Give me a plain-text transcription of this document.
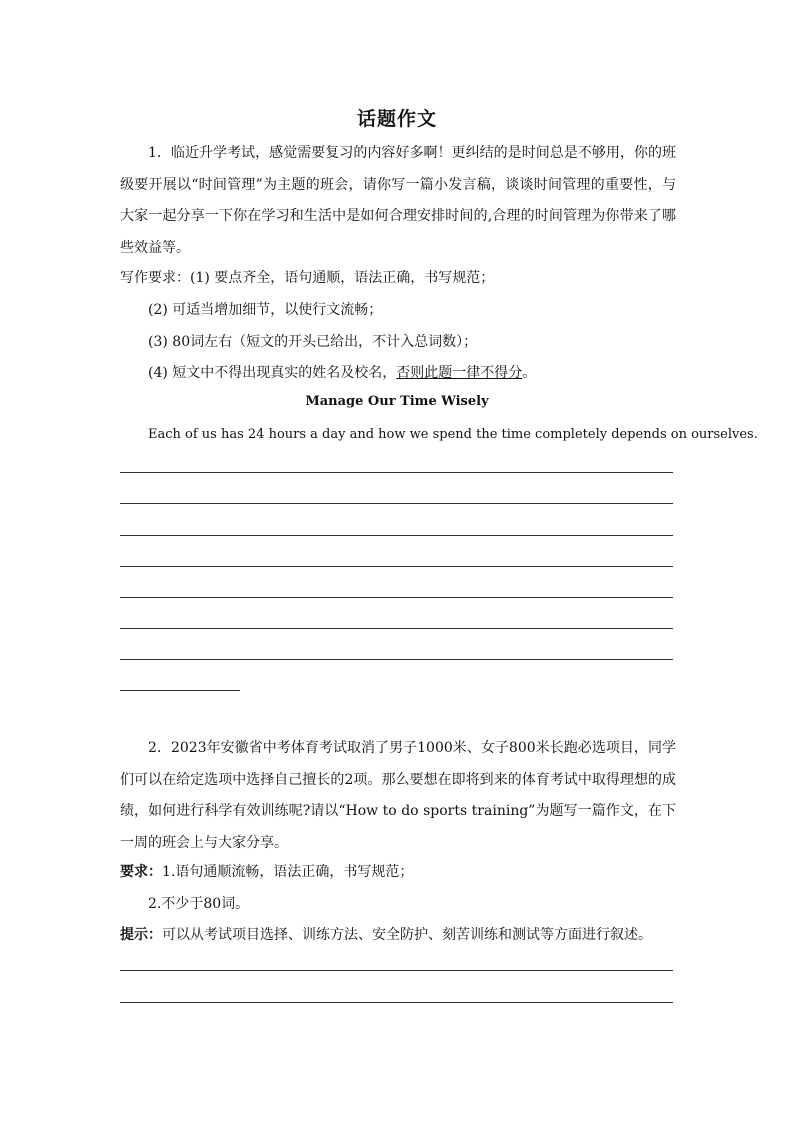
话题作文
1．临近升学考试，感觉需要复习的内容好多啊！更纠结的是时间总是不够用，你的班级要开展以“时间管理”为主题的班会，请你写一篇小发言稿，谈谈时间管理的重要性，与大家一起分享一下你在学习和生活中是如何合理安排时间的,合理的时间管理为你带来了哪些效益等。
写作要求：(1) 要点齐全，语句通顺，语法正确，书写规范；
(2) 可适当增加细节，以使行文流畅；
(3) 80词左右（短文的开头已给出，不计入总词数）；
(4) 短文中不得出现真实的姓名及校名，否则此题一律不得分。
Manage Our Time Wisely
Each of us has 24 hours a day and how we spend the time completely depends on ourselves.
2．2023年安徽省中考体育考试取消了男子1000米、女子800米长跑必选项目，同学们可以在给定选项中选择自己擅长的2项。那么要想在即将到来的体育考试中取得理想的成绩，如何进行科学有效训练呢?请以“How to do sports training”为题写一篇作文，在下一周的班会上与大家分享。
要求：1.语句通顺流畅，语法正确，书写规范；
2.不少于80词。
提示：可以从考试项目选择、训练方法、安全防护、刻苦训练和测试等方面进行叙述。
